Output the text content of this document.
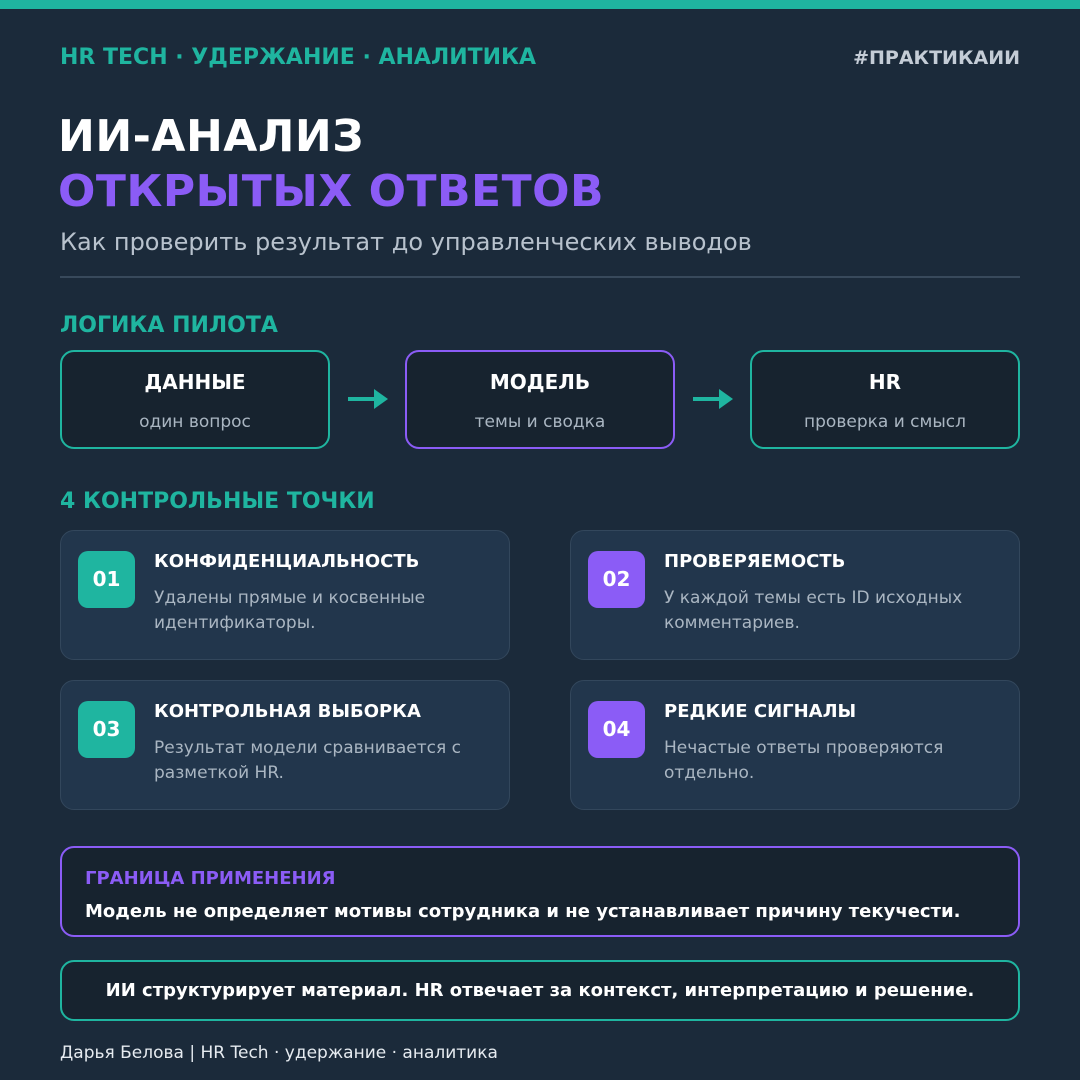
HR TECH · УДЕРЖАНИЕ · АНАЛИТИКА	#ПРАКТИКАИИ
ИИ-АНАЛИЗ
ОТКРЫТЫХ ОТВЕТОВ
Как проверить результат до управленческих выводов
ЛОГИКА ПИЛОТА
ДАННЫЕ
один вопрос
МОДЕЛЬ
темы и сводка
HR
проверка и смысл
4 КОНТРОЛЬНЫЕ ТОЧКИ
01
КОНФИДЕНЦИАЛЬНОСТЬ
Удалены прямые и косвенные идентификаторы.
02
ПРОВЕРЯЕМОСТЬ
У каждой темы есть ID исходных комментариев.
03
КОНТРОЛЬНАЯ ВЫБОРКА
Результат модели сравнивается с разметкой HR.
04
РЕДКИЕ СИГНАЛЫ
Нечастые ответы проверяются отдельно.
ГРАНИЦА ПРИМЕНЕНИЯ
Модель не определяет мотивы сотрудника и не устанавливает причину текучести.
ИИ структурирует материал. HR отвечает за контекст, интерпретацию и решение.
Дарья Белова | HR Tech · удержание · аналитика
